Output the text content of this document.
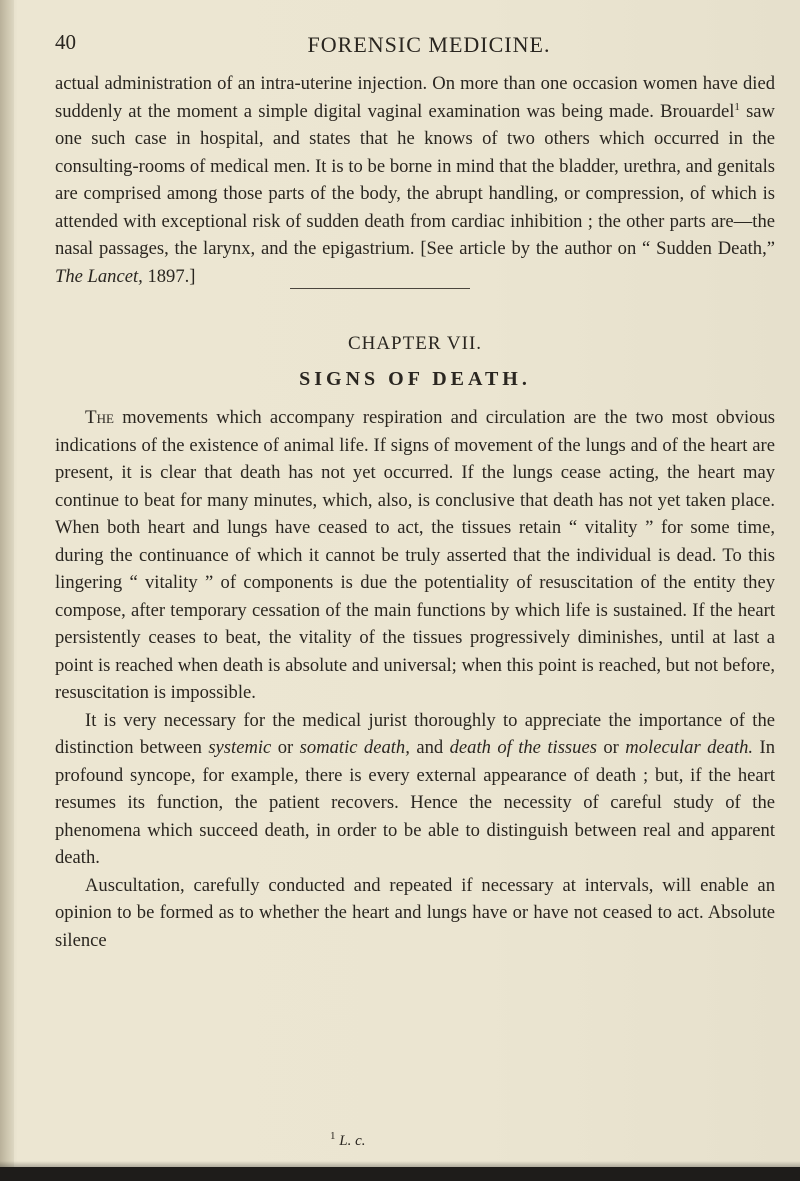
40	FORENSIC MEDICINE.

actual administration of an intra-uterine injection. On more than one occasion women have died suddenly at the moment a simple digital vaginal examination was being made. Brouardel$^1$ saw one such case in hospital, and states that he knows of two others which occurred in the consulting-rooms of medical men. It is to be borne in mind that the bladder, urethra, and genitals are comprised among those parts of the body, the abrupt handling, or compression, of which is attended with exceptional risk of sudden death from cardiac inhibition ; the other parts are—the nasal passages, the larynx, and the epigastrium. [See article by the author on “ Sudden Death,” The Lancet, 1897.]

CHAPTER VII.
SIGNS OF DEATH.

The movements which accompany respiration and circulation are the two most obvious indications of the existence of animal life. If signs of movement of the lungs and of the heart are present, it is clear that death has not yet occurred. If the lungs cease acting, the heart may continue to beat for many minutes, which, also, is conclusive that death has not yet taken place. When both heart and lungs have ceased to act, the tissues retain “ vitality ” for some time, during the continuance of which it cannot be truly asserted that the individual is dead. To this lingering “ vitality ” of components is due the potentiality of resuscitation of the entity they compose, after temporary cessation of the main functions by which life is sustained. If the heart persistently ceases to beat, the vitality of the tissues progressively diminishes, until at last a point is reached when death is absolute and universal; when this point is reached, but not before, resuscitation is impossible.

It is very necessary for the medical jurist thoroughly to appreciate the importance of the distinction between systemic or somatic death, and death of the tissues or molecular death. In profound syncope, for example, there is every external appearance of death ; but, if the heart resumes its function, the patient recovers. Hence the necessity of careful study of the phenomena which succeed death, in order to be able to distinguish between real and apparent death.

Auscultation, carefully conducted and repeated if necessary at intervals, will enable an opinion to be formed as to whether the heart and lungs have or have not ceased to act. Absolute silence

$^1$ L. c.
